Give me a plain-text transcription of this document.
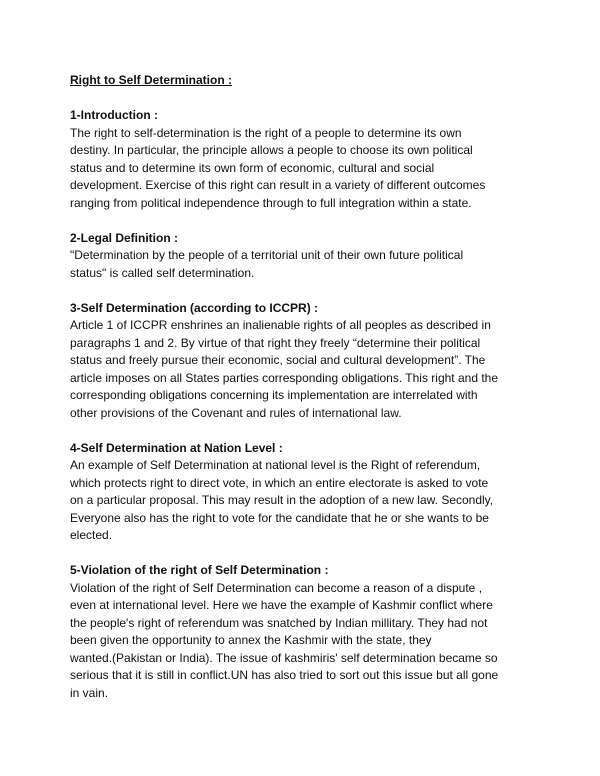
Right to Self Determination :

1-Introduction :

The right to self-determination is the right of a people to determine its own
destiny. In particular, the principle allows a people to choose its own political
status and to determine its own form of economic, cultural and social
development. Exercise of this right can result in a variety of different outcomes
ranging from political independence through to full integration within a state.

2-Legal Definition :

"Determination by the people of a territorial unit of their own future political
status" is called self determination.

3-Self Determination (according to ICCPR) :

Article 1 of ICCPR enshrines an inalienable rights of all peoples as described in
paragraphs 1 and 2. By virtue of that right they freely “determine their political
status and freely pursue their economic, social and cultural development”. The
article imposes on all States parties corresponding obligations. This right and the
corresponding obligations concerning its implementation are interrelated with
other provisions of the Covenant and rules of international law.

4-Self Determination at Nation Level :

An example of Self Determination at national level is the Right of referendum,
which protects right to direct vote, in which an entire electorate is asked to vote
on a particular proposal. This may result in the adoption of a new law. Secondly,
Everyone also has the right to vote for the candidate that he or she wants to be
elected.

5-Violation of the right of Self Determination :

Violation of the right of Self Determination can become a reason of a dispute ,
even at international level. Here we have the example of Kashmir conflict where
the people's right of referendum was snatched by Indian millitary. They had not
been given the opportunity to annex the Kashmir with the state, they
wanted.(Pakistan or India). The issue of kashmiris' self determination became so
serious that it is still in conflict.UN has also tried to sort out this issue but all gone
in vain.
